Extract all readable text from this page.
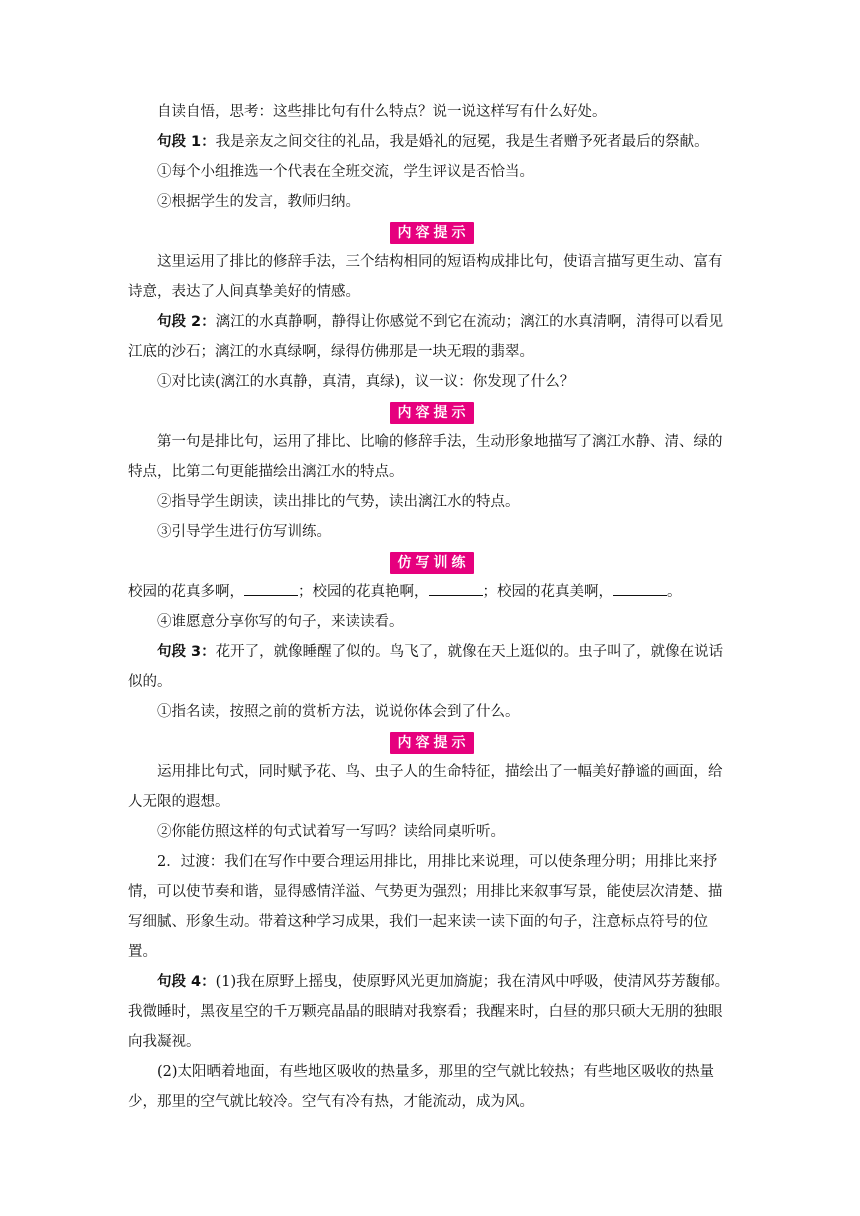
自读自悟，思考：这些排比句有什么特点？说一说这样写有什么好处。

句段 1：我是亲友之间交往的礼品，我是婚礼的冠冕，我是生者赠予死者最后的祭献。

①每个小组推选一个代表在全班交流，学生评议是否恰当。

②根据学生的发言，教师归纳。

内容提示

这里运用了排比的修辞手法，三个结构相同的短语构成排比句，使语言描写更生动、富有诗意，表达了人间真挚美好的情感。

句段 2：漓江的水真静啊，静得让你感觉不到它在流动；漓江的水真清啊，清得可以看见江底的沙石；漓江的水真绿啊，绿得仿佛那是一块无瑕的翡翠。

①对比读(漓江的水真静，真清，真绿)，议一议：你发现了什么？

内容提示

第一句是排比句，运用了排比、比喻的修辞手法，生动形象地描写了漓江水静、清、绿的特点，比第二句更能描绘出漓江水的特点。

②指导学生朗读，读出排比的气势，读出漓江水的特点。

③引导学生进行仿写训练。

仿写训练

校园的花真多啊，	；校园的花真艳啊，	；校园的花真美啊，	。

④谁愿意分享你写的句子，来读读看。

句段 3：花开了，就像睡醒了似的。鸟飞了，就像在天上逛似的。虫子叫了，就像在说话似的。

①指名读，按照之前的赏析方法，说说你体会到了什么。

内容提示

运用排比句式，同时赋予花、鸟、虫子人的生命特征，描绘出了一幅美好静谧的画面，给人无限的遐想。

②你能仿照这样的句式试着写一写吗？读给同桌听听。

2．过渡：我们在写作中要合理运用排比，用排比来说理，可以使条理分明；用排比来抒情，可以使节奏和谐，显得感情洋溢、气势更为强烈；用排比来叙事写景，能使层次清楚、描写细腻、形象生动。带着这种学习成果，我们一起来读一读下面的句子，注意标点符号的位置。

句段 4：(1)我在原野上摇曳，使原野风光更加旖旎；我在清风中呼吸，使清风芬芳馥郁。我微睡时，黑夜星空的千万颗亮晶晶的眼睛对我察看；我醒来时，白昼的那只硕大无朋的独眼向我凝视。

(2)太阳晒着地面，有些地区吸收的热量多，那里的空气就比较热；有些地区吸收的热量少，那里的空气就比较冷。空气有冷有热，才能流动，成为风。
